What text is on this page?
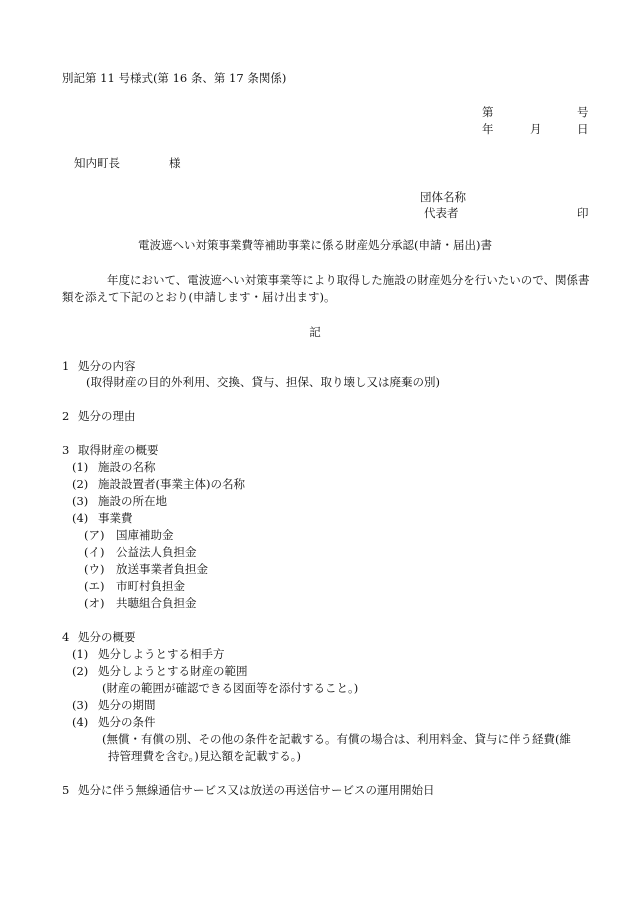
別記第 11 号様式(第 16 条、第 17 条関係)
第	号
年	月	日
知内町長	様
団体名称
代表者	印
電波遮へい対策事業費等補助事業に係る財産処分承認(申請・届出)書
年度において、電波遮へい対策事業等により取得した施設の財産処分を行いたいので、関係書類を添えて下記のとおり(申請します・届け出ます)。
記
1 処分の内容
(取得財産の目的外利用、交換、貸与、担保、取り壊し又は廃棄の別)
2 処分の理由
3 取得財産の概要
(1) 施設の名称
(2) 施設設置者(事業主体)の名称
(3) 施設の所在地
(4) 事業費
(ア) 国庫補助金
(イ) 公益法人負担金
(ウ) 放送事業者負担金
(エ) 市町村負担金
(オ) 共聴組合負担金
4 処分の概要
(1) 処分しようとする相手方
(2) 処分しようとする財産の範囲
(財産の範囲が確認できる図面等を添付すること。)
(3) 処分の期間
(4) 処分の条件
(無償・有償の別、その他の条件を記載する。有償の場合は、利用料金、貸与に伴う経費(維
持管理費を含む。)見込額を記載する。)
5 処分に伴う無線通信サービス又は放送の再送信サービスの運用開始日
